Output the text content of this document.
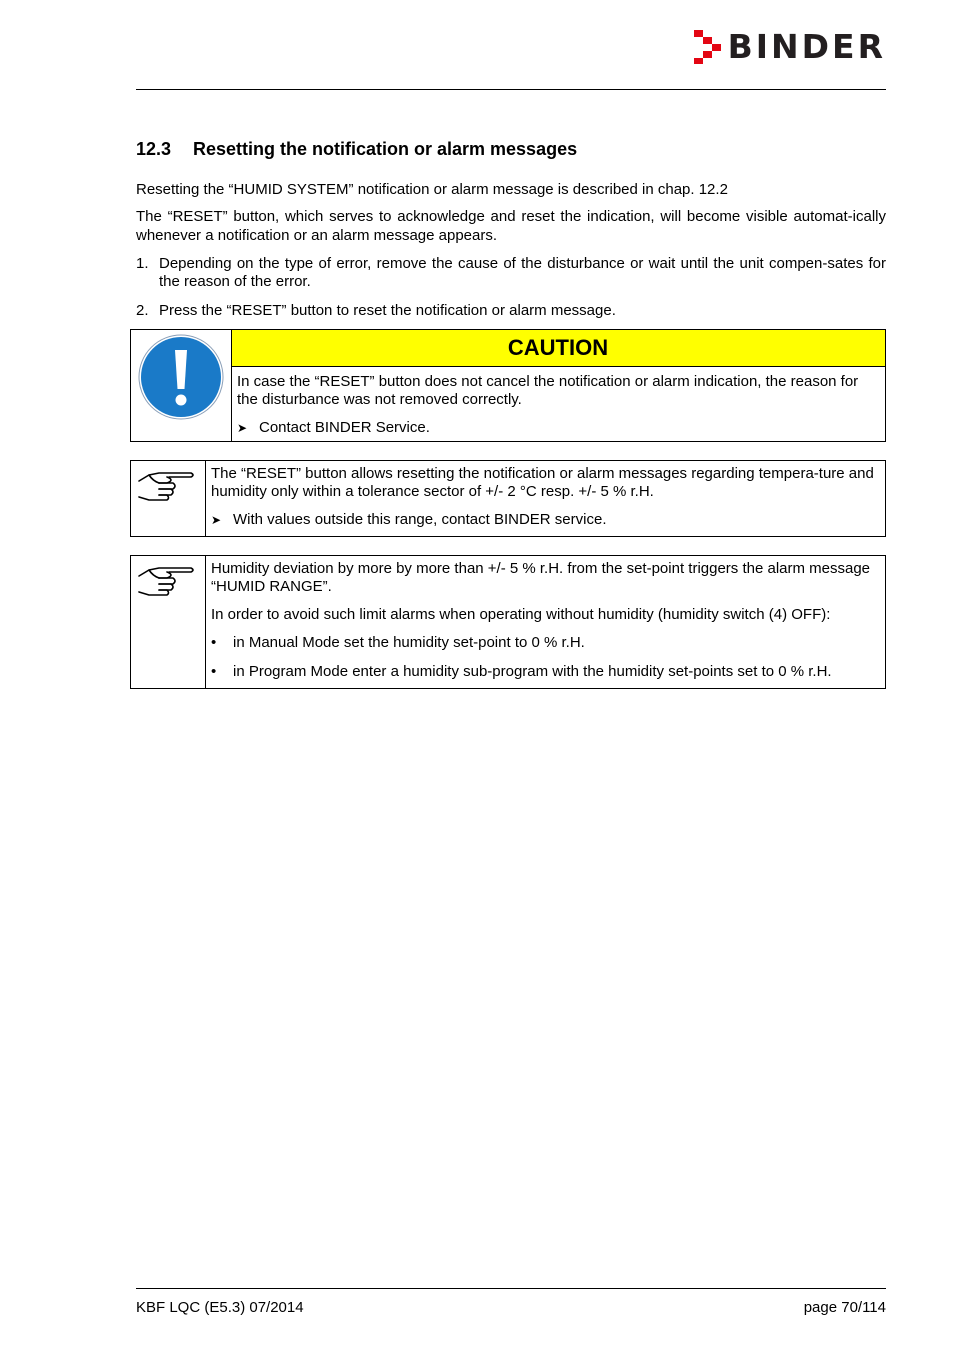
BINDER
12.3 Resetting the notification or alarm messages

Resetting the “HUMID SYSTEM” notification or alarm message is described in chap. 12.2

The “RESET” button, which serves to acknowledge and reset the indication, will become visible automat-ically whenever a notification or an alarm message appears.

1. Depending on the type of error, remove the cause of the disturbance or wait until the unit compen-sates for the reason of the error.
2. Press the “RESET” button to reset the notification or alarm message.
CAUTION

In case the “RESET” button does not cancel the notification or alarm indication, the reason for the disturbance was not removed correctly.

➤ Contact BINDER Service.

The “RESET” button allows resetting the notification or alarm messages regarding tempera-ture and humidity only within a tolerance sector of +/- 2 °C resp. +/- 5 % r.H.

➤ With values outside this range, contact BINDER service.

Humidity deviation by more by more than +/- 5 % r.H. from the set-point triggers the alarm message “HUMID RANGE”.

In order to avoid such limit alarms when operating without humidity (humidity switch (4) OFF):

• in Manual Mode set the humidity set-point to 0 % r.H.

• in Program Mode enter a humidity sub-program with the humidity set-points set to 0 % r.H.

KBF LQC (E5.3) 07/2014	page 70/114
